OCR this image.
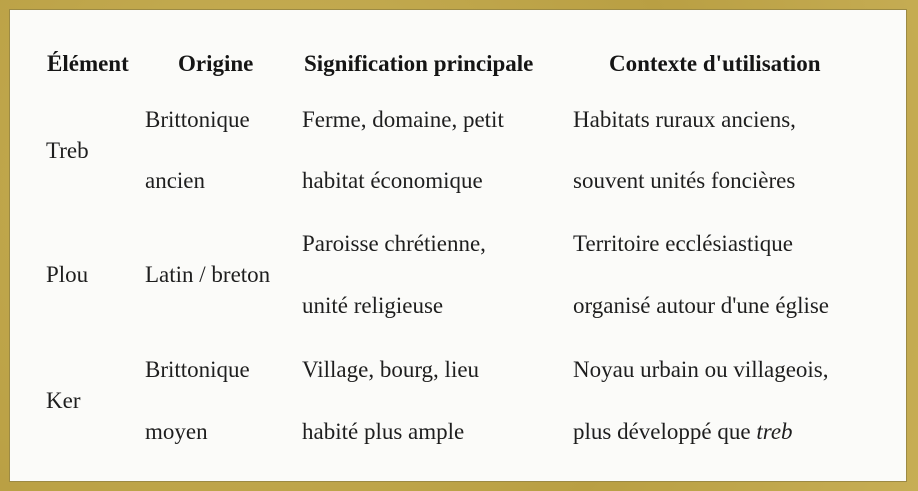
Élément Origine Signification principale	Contexte d'utilisation
Treb
Brittonique
ancien
Ferme, domaine, petit
habitat économique
Habitats ruraux anciens,
souvent unités foncières
Plou Latin / breton
Paroisse chrétienne,
unité religieuse
Territoire ecclésiastique
organisé autour d'une église
Ker
Brittonique
moyen
Village, bourg, lieu
habité plus ample
Noyau urbain ou villageois,
plus développé que treb
